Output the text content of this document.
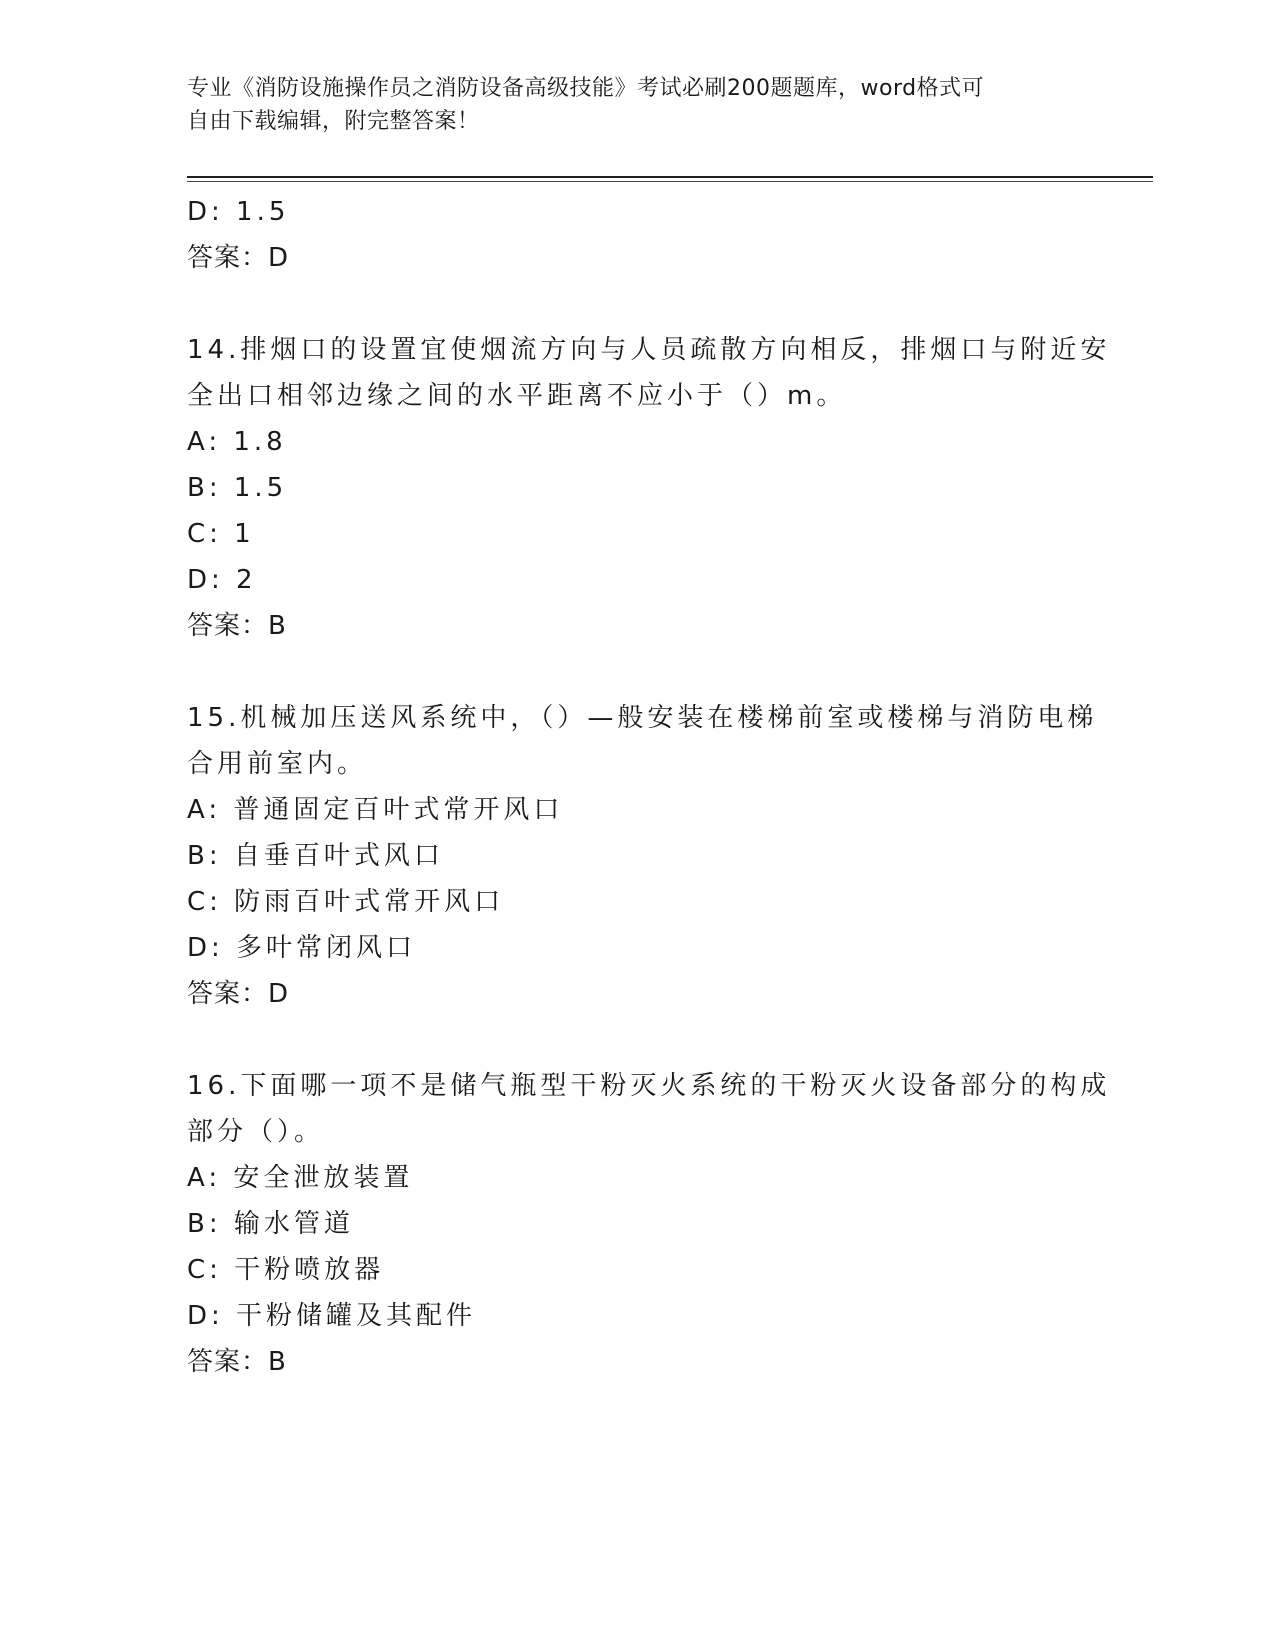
专业《消防设施操作员之消防设备高级技能》考试必刷200题题库，word格式可
自由下载编辑，附完整答案！
D: 1.5
答案：D
14.排烟口的设置宜使烟流方向与人员疏散方向相反，排烟口与附近安
全出口相邻边缘之间的水平距离不应小于（）m。
A: 1.8
B: 1.5
C: 1
D: 2
答案：B
15.机械加压送风系统中，（）—般安装在楼梯前室或楼梯与消防电梯
合用前室内。
A: 普通固定百叶式常开风口
B: 自垂百叶式风口
C: 防雨百叶式常开风口
D: 多叶常闭风口
答案：D
16.下面哪一项不是储气瓶型干粉灭火系统的干粉灭火设备部分的构成
部分（）。
A: 安全泄放装置
B: 输水管道
C: 干粉喷放器
D: 干粉储罐及其配件
答案：B
